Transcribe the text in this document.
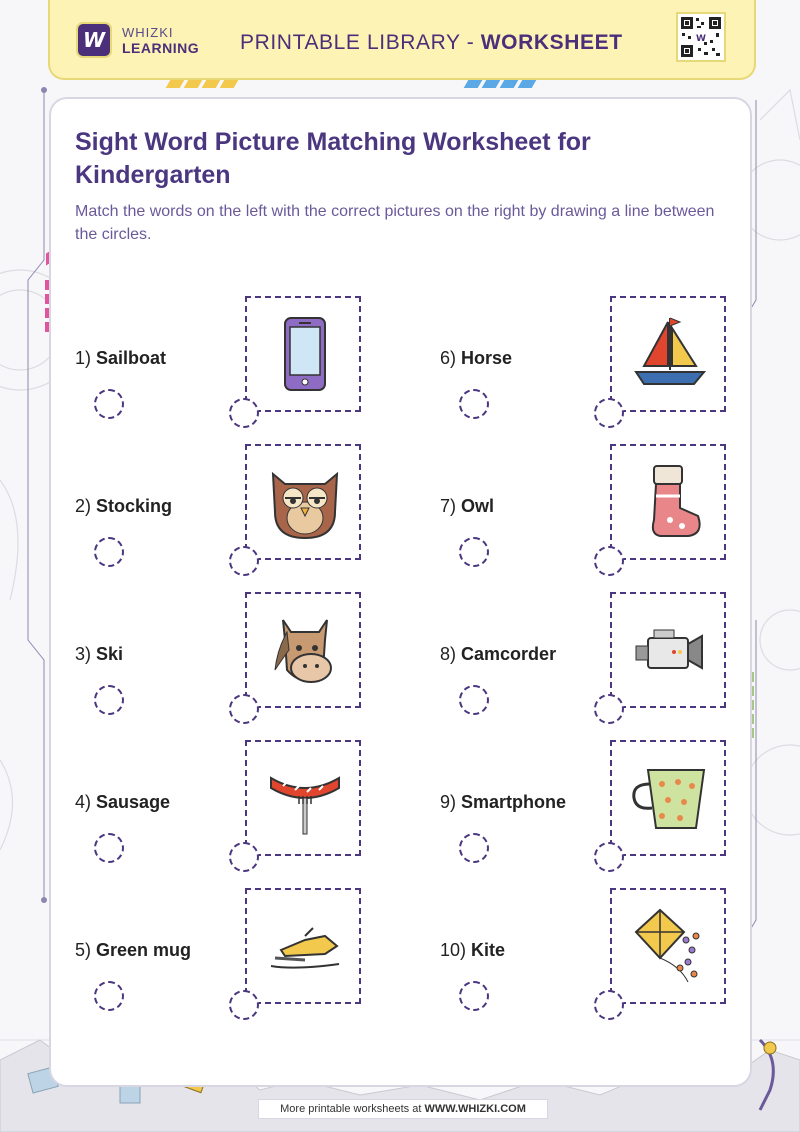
W WHIZKI
LEARNING PRINTABLE LIBRARY - WORKSHEET	W
Sight Word Picture Matching Worksheet for Kindergarten

Match the words on the left with the correct pictures on the right by drawing a line between the circles.

1) Sailboat
2) Stocking
3) Ski
4) Sausage
5) Green mug
6) Horse
7) Owl
8) Camcorder
9) Smartphone
10) Kite
More printable worksheets at WWW.WHIZKI.COM
